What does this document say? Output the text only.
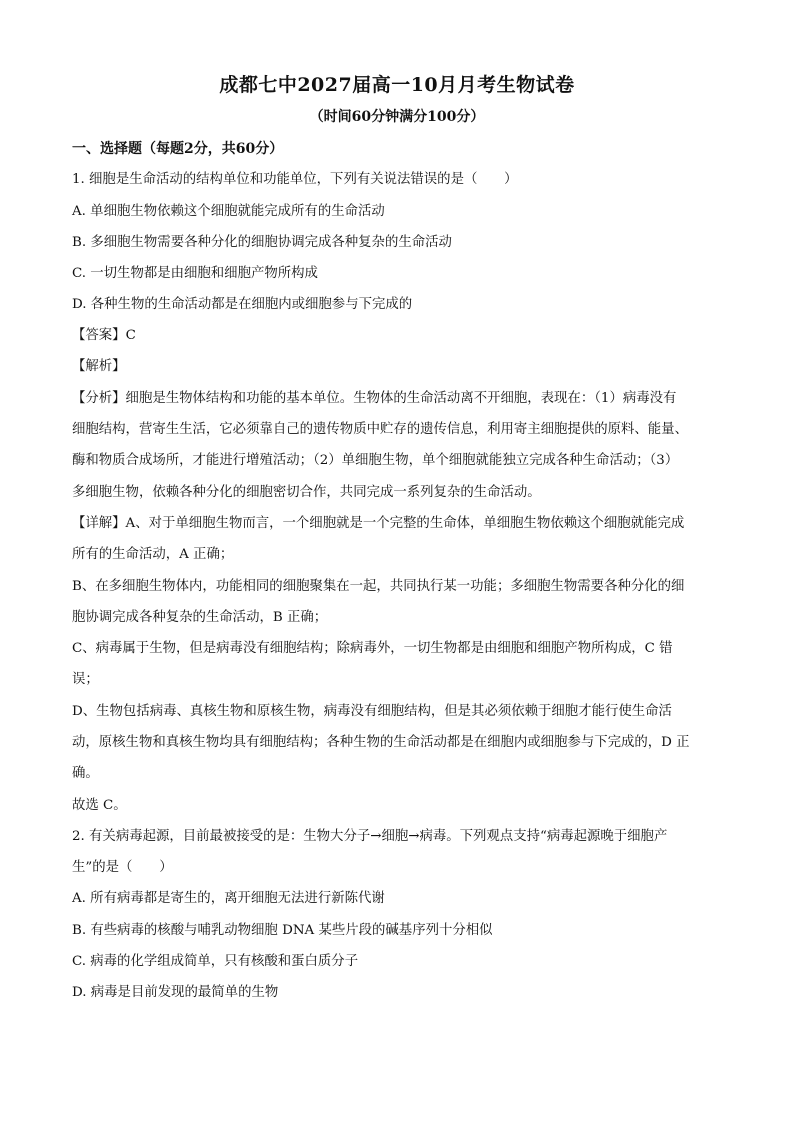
成都七中2027届高一10月月考生物试卷
（时间60分钟满分100分）
一、选择题（每题2分，共60分）
1. 细胞是生命活动的结构单位和功能单位，下列有关说法错误的是（　　）
A. 单细胞生物依赖这个细胞就能完成所有的生命活动
B. 多细胞生物需要各种分化的细胞协调完成各种复杂的生命活动
C. 一切生物都是由细胞和细胞产物所构成
D. 各种生物的生命活动都是在细胞内或细胞参与下完成的
【答案】C
【解析】
【分析】细胞是生物体结构和功能的基本单位。生物体的生命活动离不开细胞，表现在：（1）病毒没有
细胞结构，营寄生生活，它必须靠自己的遗传物质中贮存的遗传信息，利用寄主细胞提供的原料、能量、
酶和物质合成场所，才能进行增殖活动；（2）单细胞生物，单个细胞就能独立完成各种生命活动；（3）
多细胞生物，依赖各种分化的细胞密切合作，共同完成一系列复杂的生命活动。
【详解】A、对于单细胞生物而言，一个细胞就是一个完整的生命体，单细胞生物依赖这个细胞就能完成
所有的生命活动，A 正确；
B、在多细胞生物体内，功能相同的细胞聚集在一起，共同执行某一功能；多细胞生物需要各种分化的细
胞协调完成各种复杂的生命活动，B 正确；
C、病毒属于生物，但是病毒没有细胞结构；除病毒外，一切生物都是由细胞和细胞产物所构成，C 错
误；
D、生物包括病毒、真核生物和原核生物，病毒没有细胞结构，但是其必须依赖于细胞才能行使生命活
动，原核生物和真核生物均具有细胞结构；各种生物的生命活动都是在细胞内或细胞参与下完成的，D 正
确。
故选 C。
2. 有关病毒起源，目前最被接受的是：生物大分子→细胞→病毒。下列观点支持“病毒起源晚于细胞产
生”的是（　　）
A. 所有病毒都是寄生的，离开细胞无法进行新陈代谢
B. 有些病毒的核酸与哺乳动物细胞 DNA 某些片段的碱基序列十分相似
C. 病毒的化学组成简单，只有核酸和蛋白质分子
D. 病毒是目前发现的最简单的生物
